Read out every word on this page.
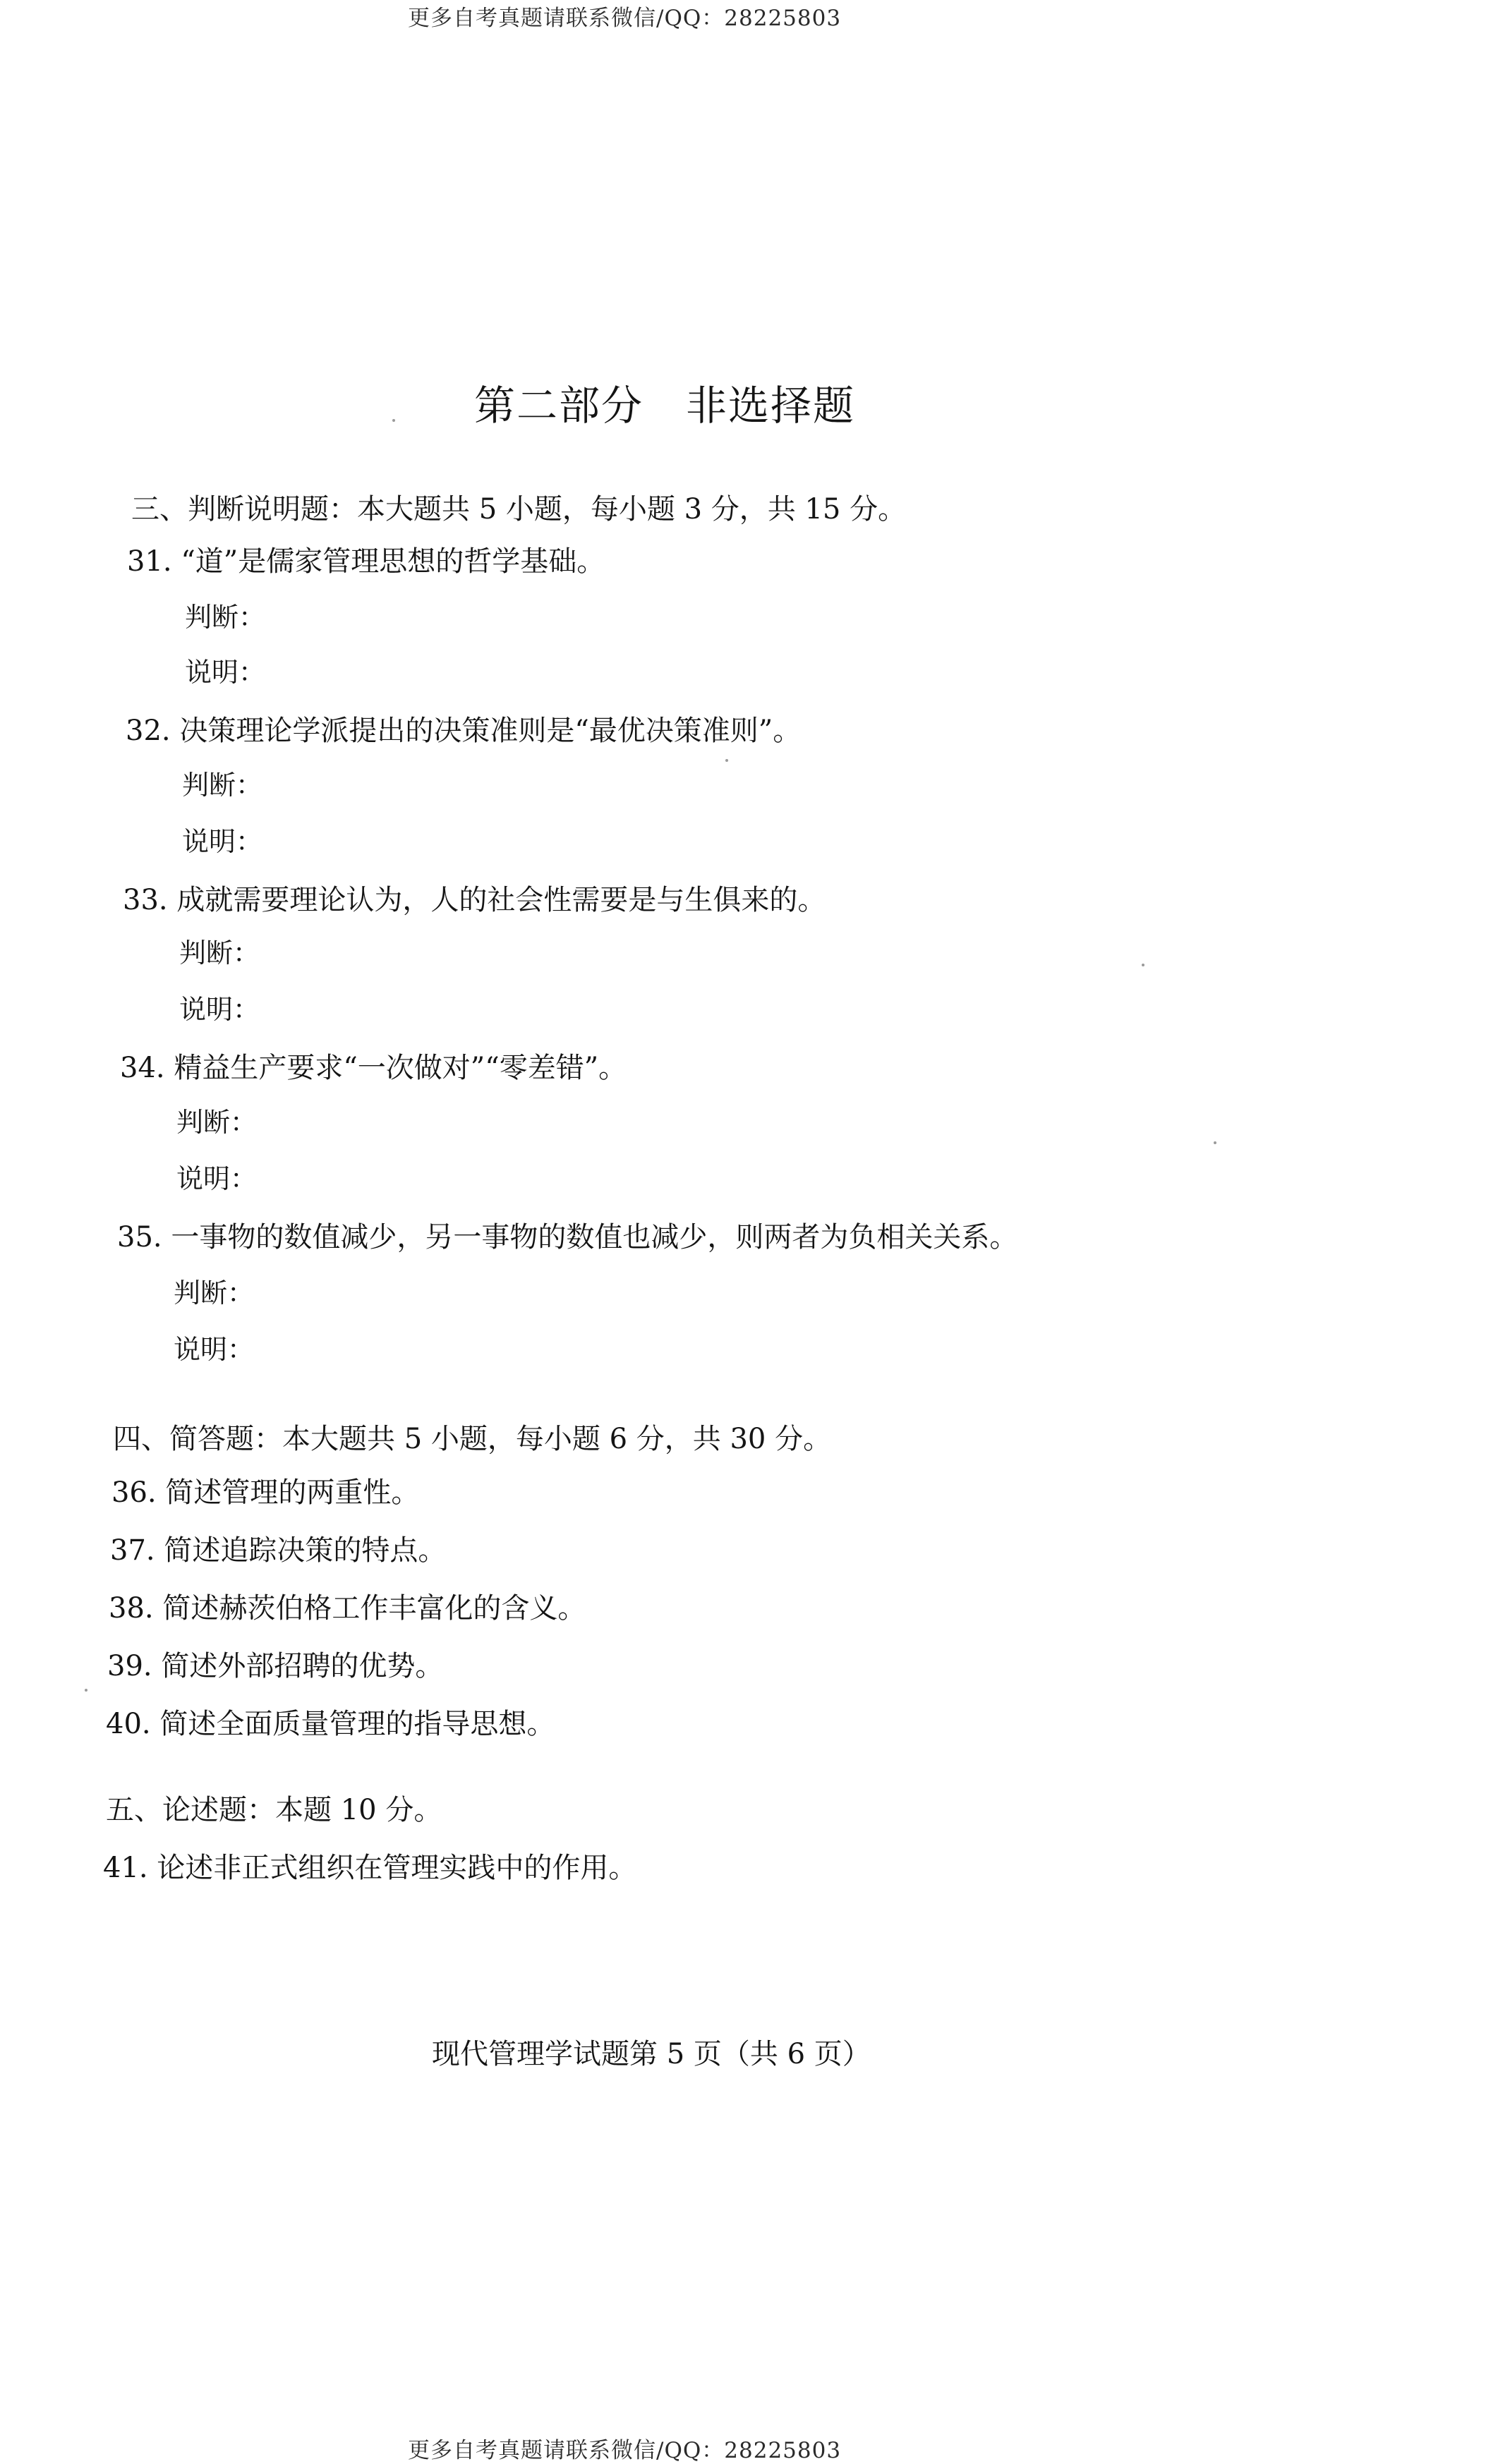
更多自考真题请联系微信/QQ：28225803
第二部分　非选择题
三、判断说明题：本大题共 5 小题，每小题 3 分，共 15 分。
31. “道”是儒家管理思想的哲学基础。
判断：
说明：
32. 决策理论学派提出的决策准则是“最优决策准则”。
判断：
说明：
33. 成就需要理论认为，人的社会性需要是与生俱来的。
判断：
说明：
34. 精益生产要求“一次做对”“零差错”。
判断：
说明：
35. 一事物的数值减少，另一事物的数值也减少，则两者为负相关关系。
判断：
说明：
四、简答题：本大题共 5 小题，每小题 6 分，共 30 分。
36. 简述管理的两重性。
37. 简述追踪决策的特点。
38. 简述赫茨伯格工作丰富化的含义。
39. 简述外部招聘的优势。
40. 简述全面质量管理的指导思想。
五、论述题：本题 10 分。
41. 论述非正式组织在管理实践中的作用。
现代管理学试题第 5 页（共 6 页）
更多自考真题请联系微信/QQ：28225803
